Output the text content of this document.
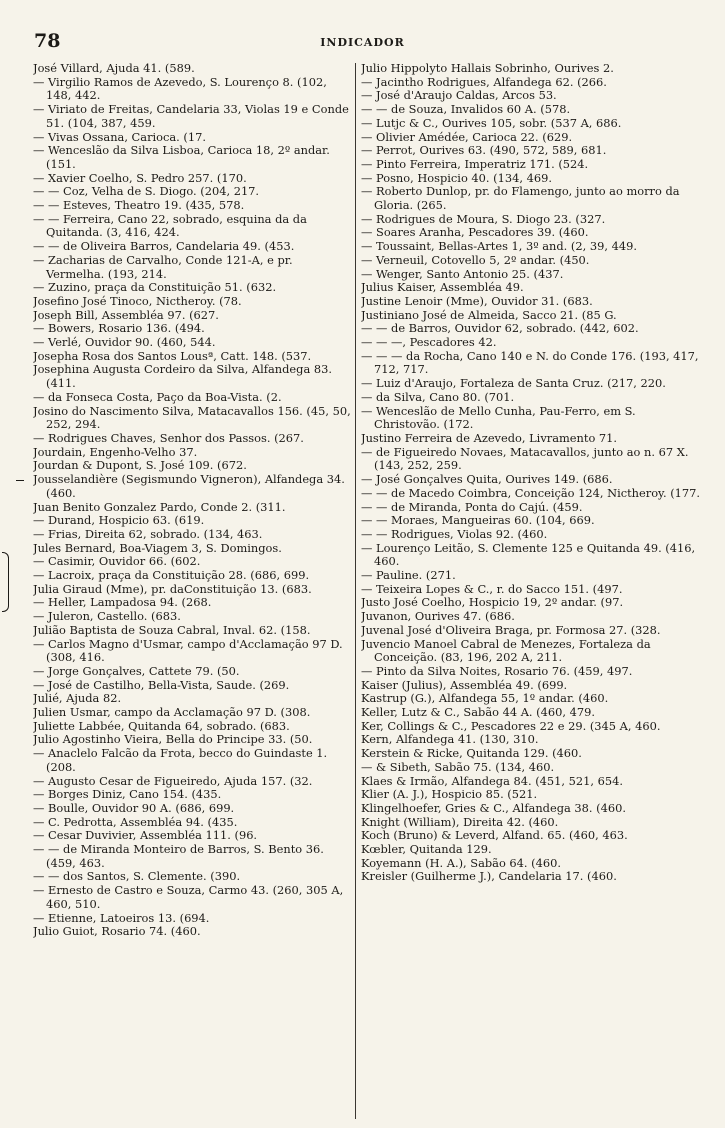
78	INDICADOR

José Villard, Ajuda 41. (589.

— Virgilio Ramos de Azevedo, S. Lourenço 8. (102, 148, 442.

— Viriato de Freitas, Candelaria 33, Violas 19 e Conde 51. (104, 387, 459.

— Vivas Ossana, Carioca. (17.

— Wenceslão da Silva Lisboa, Carioca 18, 2º andar. (151.

— Xavier Coelho, S. Pedro 257. (170.

— — Coz, Velha de S. Diogo. (204, 217.

— — Esteves, Theatro 19. (435, 578.

— — Ferreira, Cano 22, sobrado, esquina da da Quitanda. (3, 416, 424.

— — de Oliveira Barros, Candelaria 49. (453.

— Zacharias de Carvalho, Conde 121-A, e pr. Vermelha. (193, 214.

— Zuzino, praça da Constituição 51. (632.

Josefino José Tinoco, Nictheroy. (78.

Joseph Bill, Assembléa 97. (627.

— Bowers, Rosario 136. (494.

— Verlé, Ouvidor 90. (460, 544.

Josepha Rosa dos Santos Lousª, Catt. 148. (537.

Josephina Augusta Cordeiro da Silva, Alfandega 83. (411.

— da Fonseca Costa, Paço da Boa-Vista. (2.

Josino do Nascimento Silva, Matacavallos 156. (45, 50, 252, 294.

— Rodrigues Chaves, Senhor dos Passos. (267.

Jourdain, Engenho-Velho 37.

Jourdan & Dupont, S. José 109. (672.

Jousselandière (Segismundo Vigneron), Alfandega 34. (460.

Juan Benito Gonzalez Pardo, Conde 2. (311.

— Durand, Hospicio 63. (619.

— Frias, Direita 62, sobrado. (134, 463.

Jules Bernard, Boa-Viagem 3, S. Domingos.

— Casimir, Ouvidor 66. (602.

— Lacroix, praça da Constituição 28. (686, 699.

Julia Giraud (Mme), pr. daConstituição 13. (683.

— Heller, Lampadosa 94. (268.

— Juleron, Castello. (683.

Julião Baptista de Souza Cabral, Inval. 62. (158.

— Carlos Magno d'Usmar, campo d'Acclamação 97 D. (308, 416.

— Jorge Gonçalves, Cattete 79. (50.

— José de Castilho, Bella-Vista, Saude. (269.

Julié, Ajuda 82.

Julien Usmar, campo da Acclamação 97 D. (308.

Juliette Labbée, Quitanda 64, sobrado. (683.

Julio Agostinho Vieira, Bella do Principe 33. (50.

— Anaclelo Falcão da Frota, becco do Guindaste 1. (208.

— Augusto Cesar de Figueiredo, Ajuda 157. (32.

— Borges Diniz, Cano 154. (435.

— Boulle, Ouvidor 90 A. (686, 699.

— C. Pedrotta, Assembléa 94. (435.

— Cesar Duvivier, Assembléa 111. (96.

— — de Miranda Monteiro de Barros, S. Bento 36. (459, 463.

— — dos Santos, S. Clemente. (390.

— Ernesto de Castro e Souza, Carmo 43. (260, 305 A, 460, 510.

— Etienne, Latoeiros 13. (694.

Julio Guiot, Rosario 74. (460.

Julio Hippolyto Hallais Sobrinho, Ourives 2.

— Jacintho Rodrigues, Alfandega 62. (266.

— José d'Araujo Caldas, Arcos 53.

— — de Souza, Invalidos 60 A. (578.

— Lutjc & C., Ourives 105, sobr. (537 A, 686.

— Olivier Amédée, Carioca 22. (629.

— Perrot, Ourives 63. (490, 572, 589, 681.

— Pinto Ferreira, Imperatriz 171. (524.

— Posno, Hospicio 40. (134, 469.

— Roberto Dunlop, pr. do Flamengo, junto ao morro da Gloria. (265.

— Rodrigues de Moura, S. Diogo 23. (327.

— Soares Aranha, Pescadores 39. (460.

— Toussaint, Bellas-Artes 1, 3º and. (2, 39, 449.

— Verneuil, Cotovello 5, 2º andar. (450.

— Wenger, Santo Antonio 25. (437.

Julius Kaiser, Assembléa 49.

Justine Lenoir (Mme), Ouvidor 31. (683.

Justiniano José de Almeida, Sacco 21. (85 G.

— — de Barros, Ouvidor 62, sobrado. (442, 602.

— — —, Pescadores 42.

— — — da Rocha, Cano 140 e N. do Conde 176. (193, 417, 712, 717.

— Luiz d'Araujo, Fortaleza de Santa Cruz. (217, 220.

— da Silva, Cano 80. (701.

— Wenceslão de Mello Cunha, Pau-Ferro, em S. Christovão. (172.

Justino Ferreira de Azevedo, Livramento 71.

— de Figueiredo Novaes, Matacavallos, junto ao n. 67 X. (143, 252, 259.

— José Gonçalves Quita, Ourives 149. (686.

— — de Macedo Coimbra, Conceição 124, Nictheroy. (177.

— — de Miranda, Ponta do Cajú. (459.

— — Moraes, Mangueiras 60. (104, 669.

— — Rodrigues, Violas 92. (460.

— Lourenço Leitão, S. Clemente 125 e Quitanda 49. (416, 460.

— Pauline. (271.

— Teixeira Lopes & C., r. do Sacco 151. (497.

Justo José Coelho, Hospicio 19, 2º andar. (97.

Juvanon, Ourives 47. (686.

Juvenal José d'Oliveira Braga, pr. Formosa 27. (328.

Juvencio Manoel Cabral de Menezes, Fortaleza da Conceição. (83, 196, 202 A, 211.

— Pinto da Silva Noites, Rosario 76. (459, 497.

Kaiser (Julius), Assembléa 49. (699.

Kastrup (G.), Alfandega 55, 1º andar. (460.

Keller, Lutz & C., Sabão 44 A. (460, 479.

Ker, Collings & C., Pescadores 22 e 29. (345 A, 460.

Kern, Alfandega 41. (130, 310.

Kerstein & Ricke, Quitanda 129. (460.

— & Sibeth, Sabão 75. (134, 460.

Klaes & Irmão, Alfandega 84. (451, 521, 654.

Klier (A. J.), Hospicio 85. (521.

Klingelhoefer, Gries & C., Alfandega 38. (460.

Knight (William), Direita 42. (460.

Koch (Bruno) & Leverd, Alfand. 65. (460, 463.

Kœbler, Quitanda 129.

Koyemann (H. A.), Sabão 64. (460.

Kreisler (Guilherme J.), Candelaria 17. (460.
